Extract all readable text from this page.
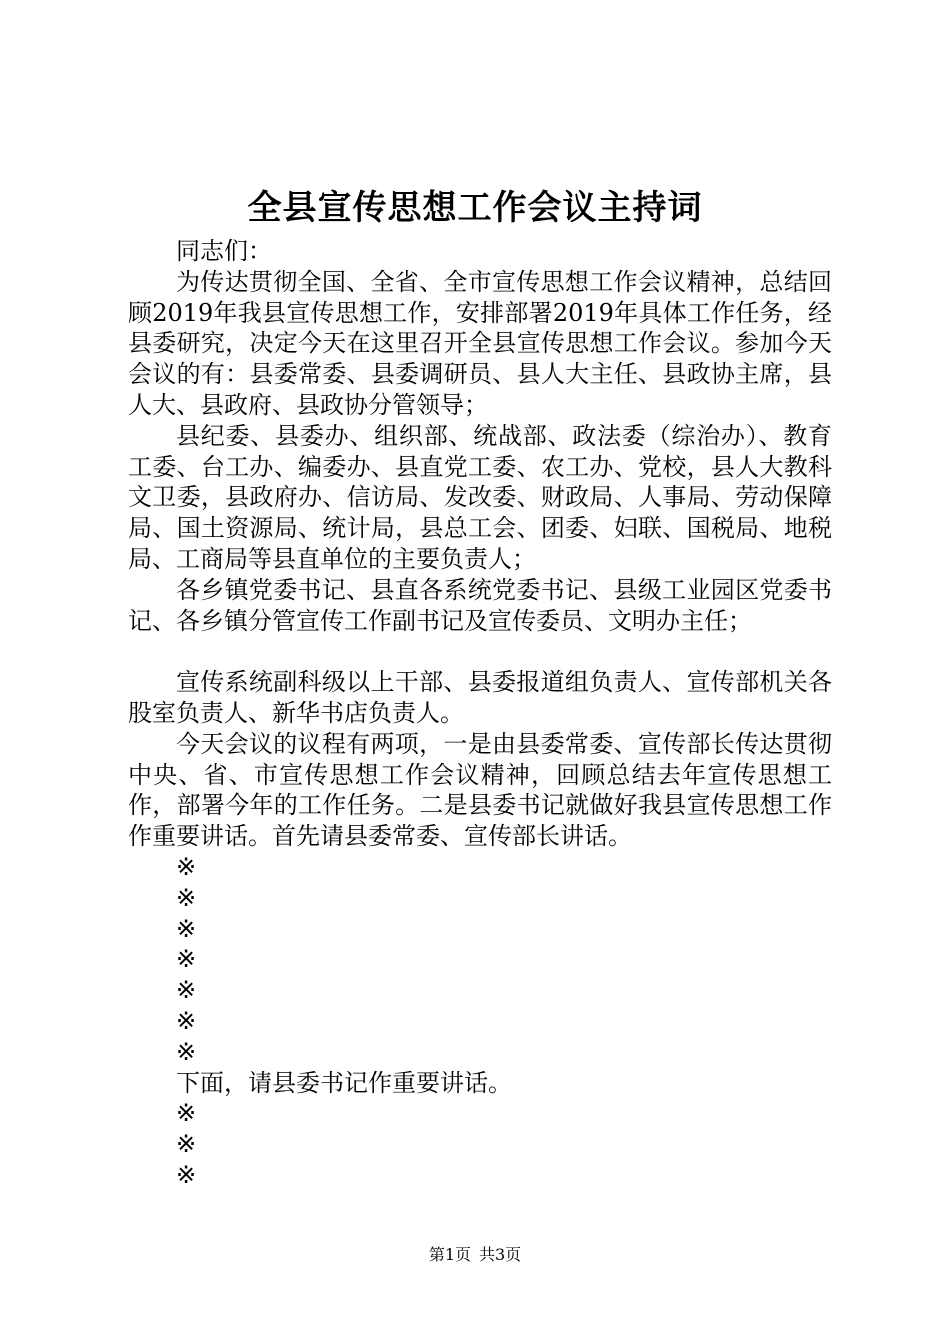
全县宣传思想工作会议主持词

同志们：

为传达贯彻全国、全省、全市宣传思想工作会议精神，总结回顾2019年我县宣传思想工作，安排部署2019年具体工作任务，经县委研究，决定今天在这里召开全县宣传思想工作会议。参加今天会议的有：县委常委、县委调研员、县人大主任、县政协主席，县人大、县政府、县政协分管领导；

县纪委、县委办、组织部、统战部、政法委（综治办）、教育工委、台工办、编委办、县直党工委、农工办、党校，县人大教科文卫委，县政府办、信访局、发改委、财政局、人事局、劳动保障局、国土资源局、统计局，县总工会、团委、妇联、国税局、地税局、工商局等县直单位的主要负责人；

各乡镇党委书记、县直各系统党委书记、县级工业园区党委书记、各乡镇分管宣传工作副书记及宣传委员、文明办主任；

宣传系统副科级以上干部、县委报道组负责人、宣传部机关各股室负责人、新华书店负责人。

今天会议的议程有两项，一是由县委常委、宣传部长传达贯彻中央、省、市宣传思想工作会议精神，回顾总结去年宣传思想工作，部署今年的工作任务。二是县委书记就做好我县宣传思想工作作重要讲话。首先请县委常委、宣传部长讲话。

※

※

※

※

※

※

※

下面，请县委书记作重要讲话。

※

※

※

第1页 共3页
